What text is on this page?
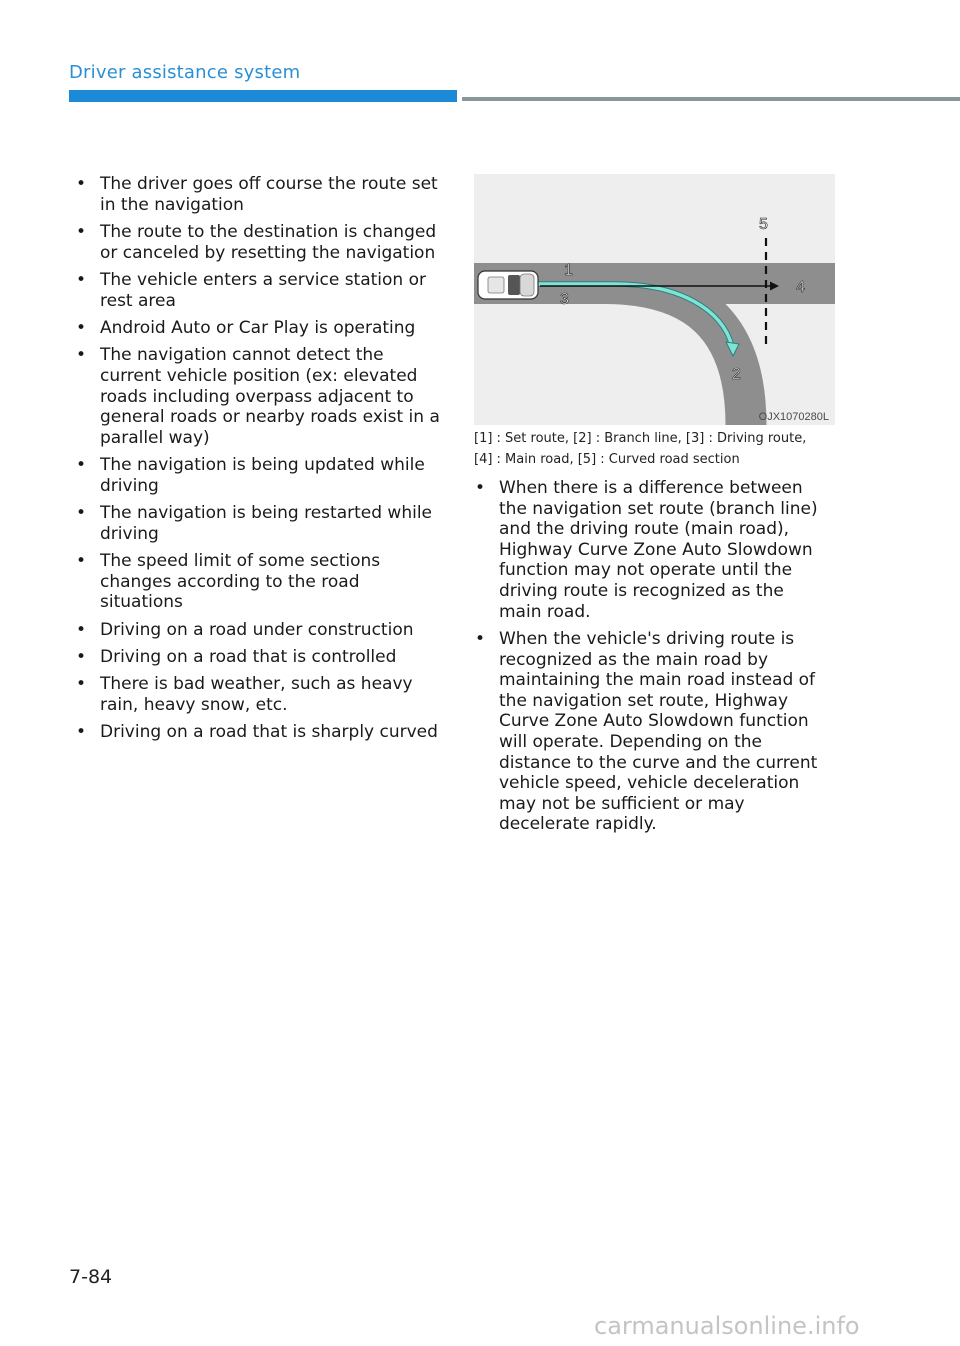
Driver assistance system
• The driver goes off course the route set in the navigation
• The route to the destination is changed or canceled by resetting the navigation
• The vehicle enters a service station or rest area
• Android Auto or Car Play is operating
• The navigation cannot detect the current vehicle position (ex: elevated roads including overpass adjacent to general roads or nearby roads exist in a parallel way)
• The navigation is being updated while driving
• The navigation is being restarted while driving
• The speed limit of some sections changes according to the road situations
• Driving on a road under construction
• Driving on a road that is controlled
• There is bad weather, such as heavy rain, heavy snow, etc.
• Driving on a road that is sharply curved
1
2
3
4
5
OJX1070280L
[1] : Set route, [2] : Branch line, [3] : Driving route,
[4] : Main road, [5] : Curved road section
• When there is a difference between the navigation set route (branch line) and the driving route (main road), Highway Curve Zone Auto Slowdown function may not operate until the driving route is recognized as the main road.
• When the vehicle's driving route is recognized as the main road by maintaining the main road instead of the navigation set route, Highway Curve Zone Auto Slowdown function will operate. Depending on the distance to the curve and the current vehicle speed, vehicle deceleration may not be sufficient or may decelerate rapidly.
7-84
carmanualsonline.info
